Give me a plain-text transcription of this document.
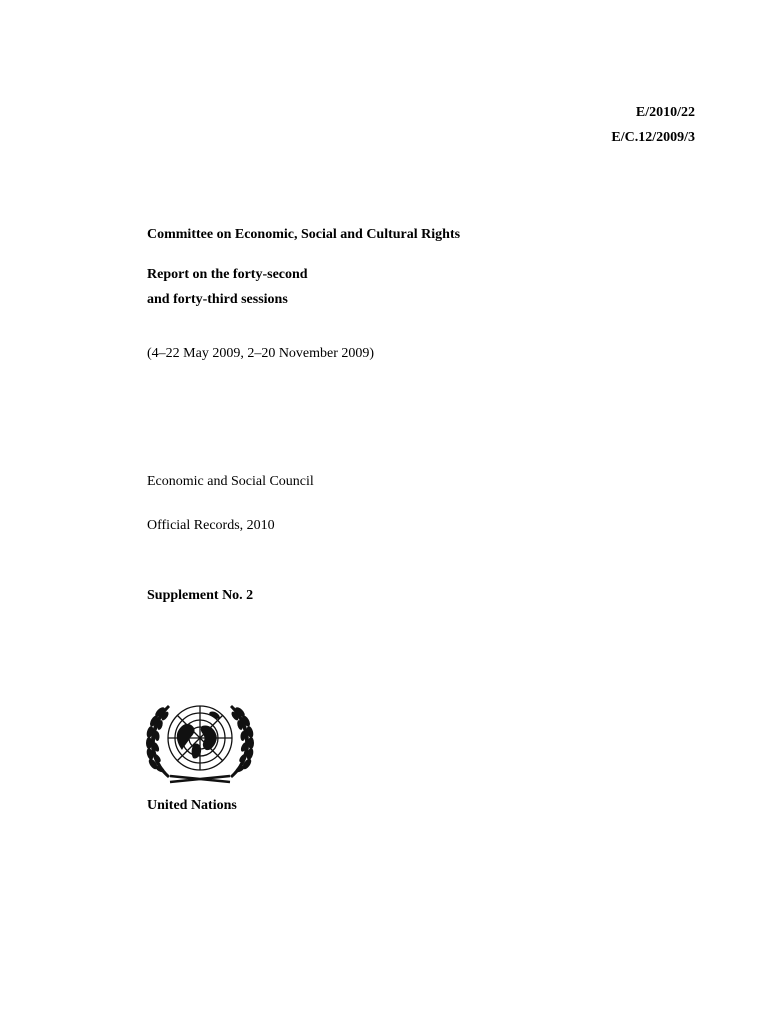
E/2010/22
E/C.12/2009/3
Committee on Economic, Social and Cultural Rights
Report on the forty-second
and forty-third sessions
(4–22 May 2009, 2–20 November 2009)
Economic and Social Council
Official Records, 2010
Supplement No. 2
United Nations
